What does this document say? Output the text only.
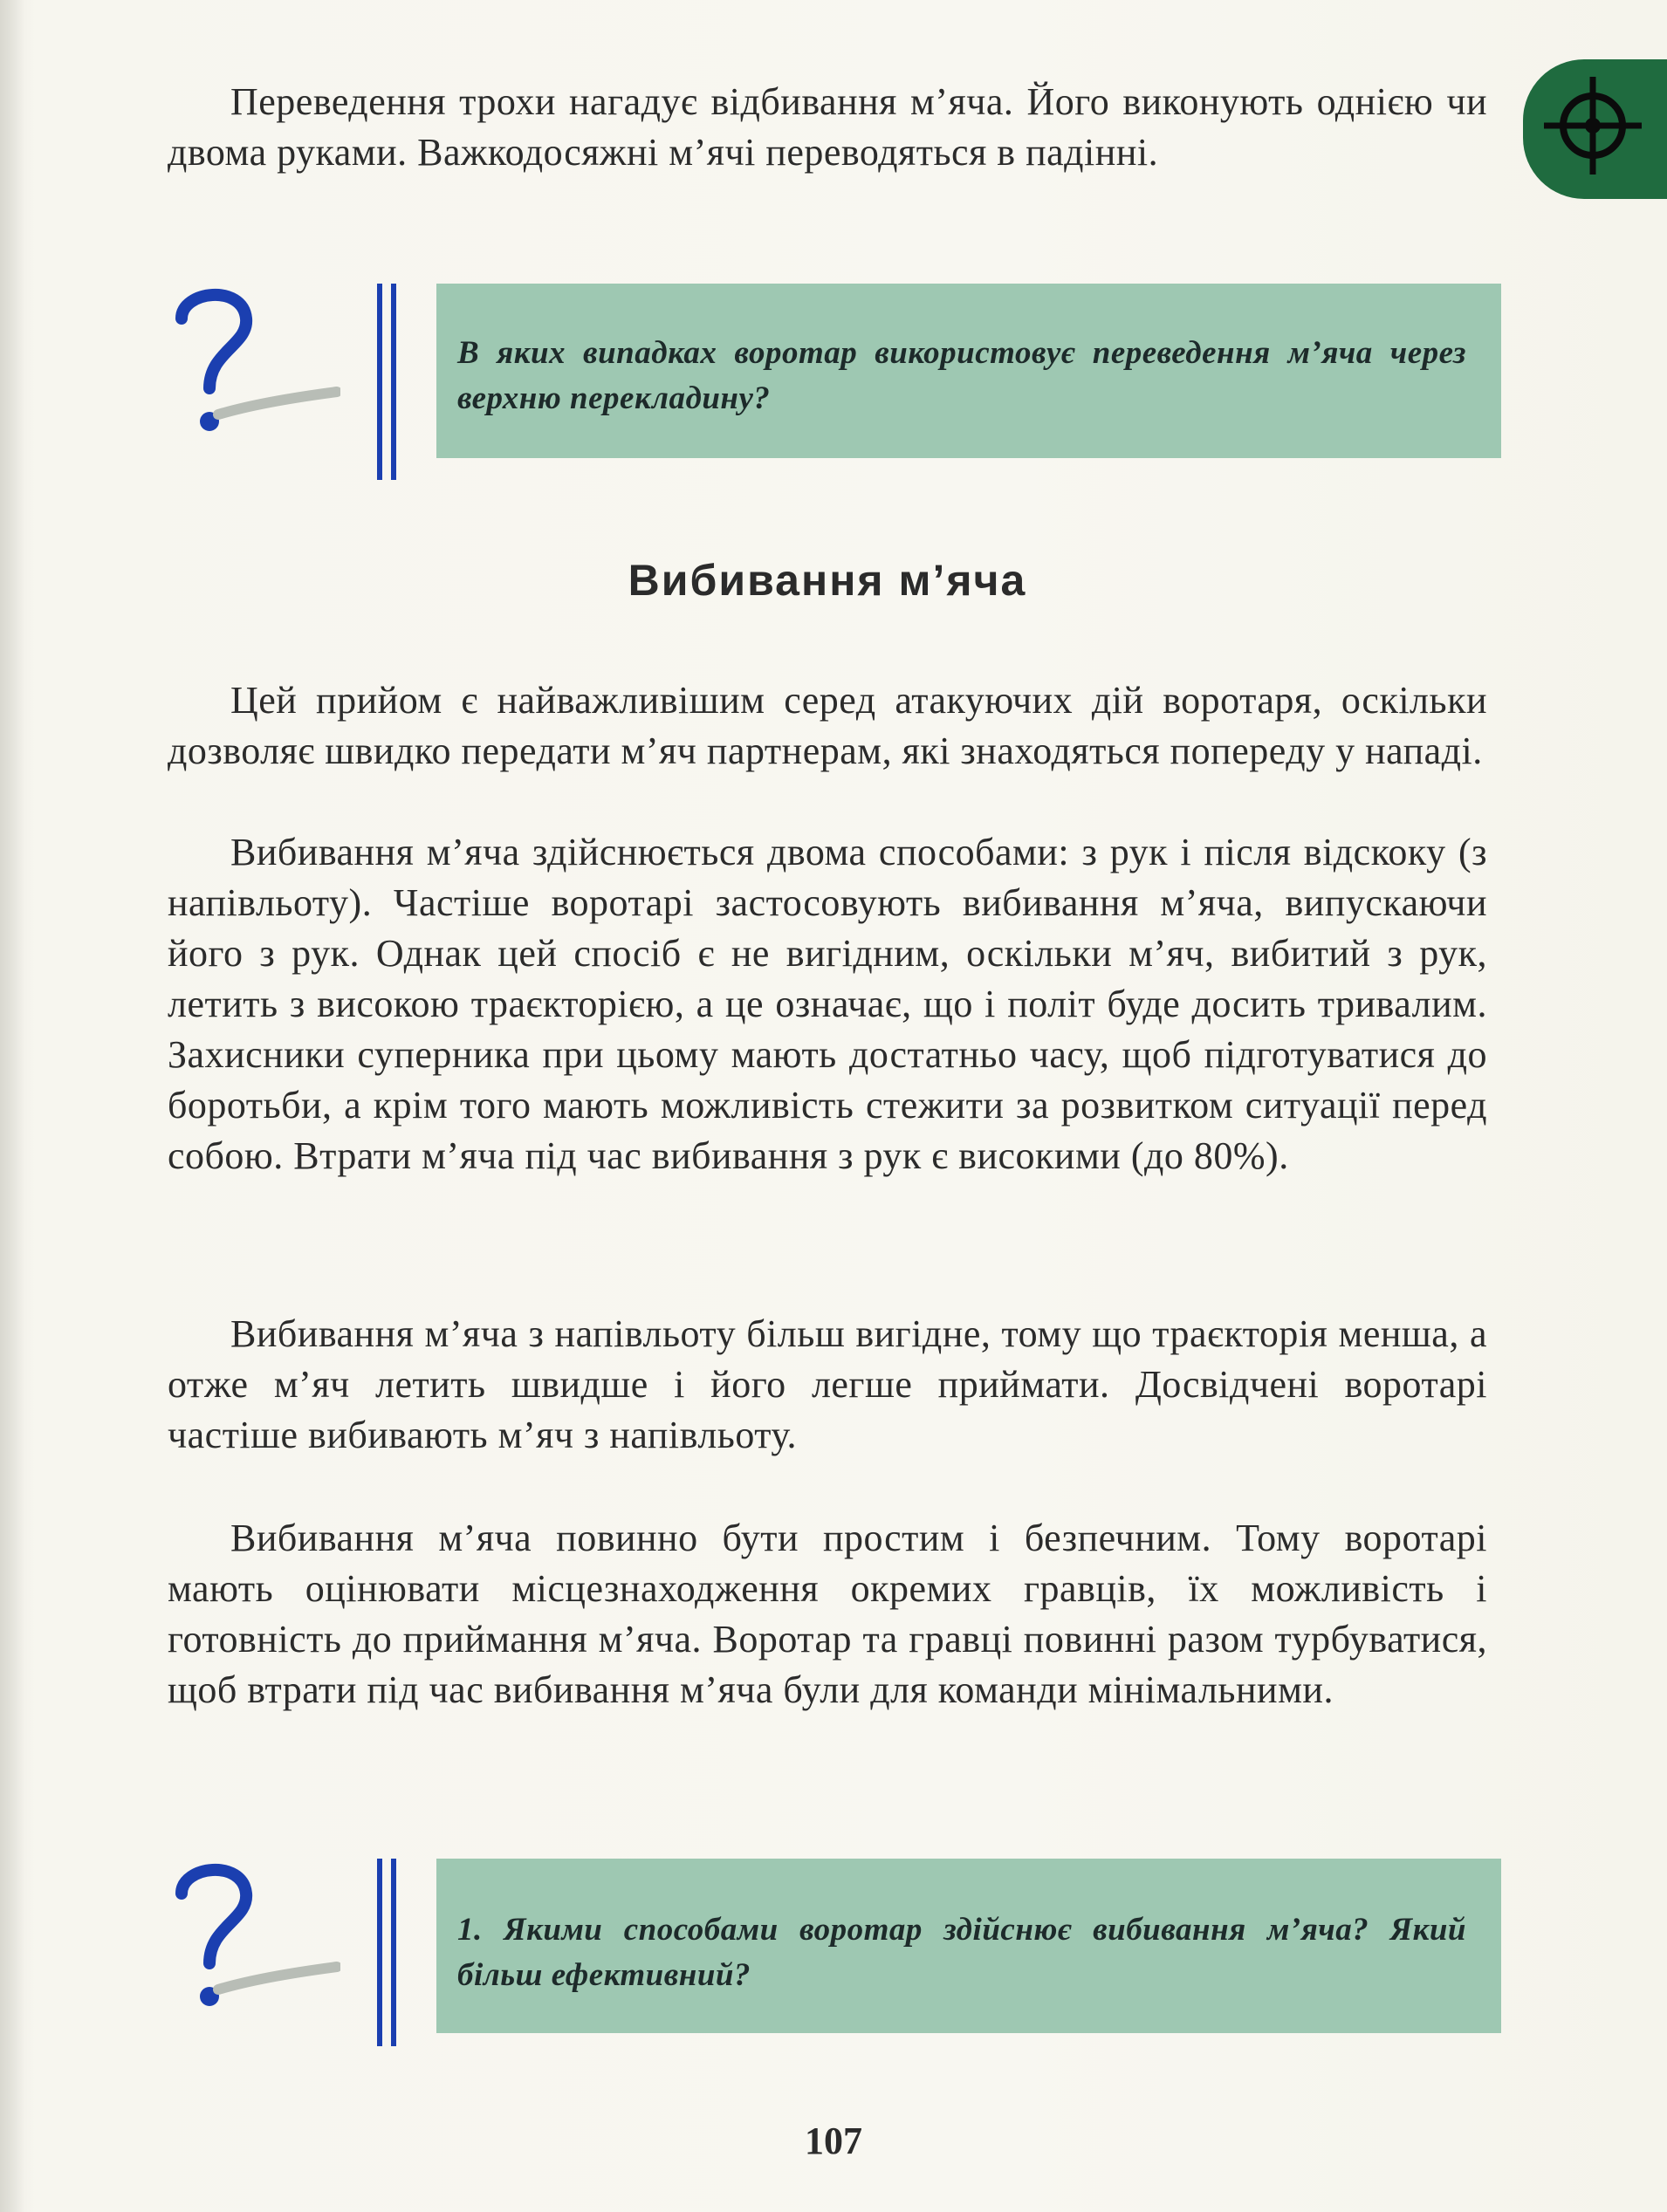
Переведення трохи нагадує відбивання м’яча. Його виконують однією чи двома руками. Важкодосяжні м’ячі переводяться в падінні.

В яких випадках воротар використовує переведення м’яча через верхню перекладину?

Вибивання м’яча

Цей прийом є найважливішим серед атакуючих дій воротаря, оскільки дозволяє швидко передати м’яч партнерам, які знаходяться попереду у нападі.

Вибивання м’яча здійснюється двома способами: з рук і після відскоку (з напівльоту). Частіше воротарі застосовують вибивання м’яча, випускаючи його з рук. Однак цей спосіб є не вигідним, оскільки м’яч, вибитий з рук, летить з високою траєкторією, а це означає, що і політ буде досить тривалим. Захисники суперника при цьому мають достатньо часу, щоб підготуватися до боротьби, а крім того мають можливість стежити за розвитком ситуації перед собою. Втрати м’яча під час вибивання з рук є високими (до 80%).

Вибивання м’яча з напівльоту більш вигідне, тому що траєкторія менша, а отже м’яч летить швидше і його легше приймати. Досвідчені воротарі частіше вибивають м’яч з напівльоту.

Вибивання м’яча повинно бути простим і безпечним. Тому воротарі мають оцінювати місцезнаходження окремих гравців, їх можливість і готовність до приймання м’яча. Воротар та гравці повинні разом турбуватися, щоб втрати під час вибивання м’яча були для команди мінімальними.

1. Якими способами воротар здійснює вибивання м’яча? Який більш ефективний?

107
